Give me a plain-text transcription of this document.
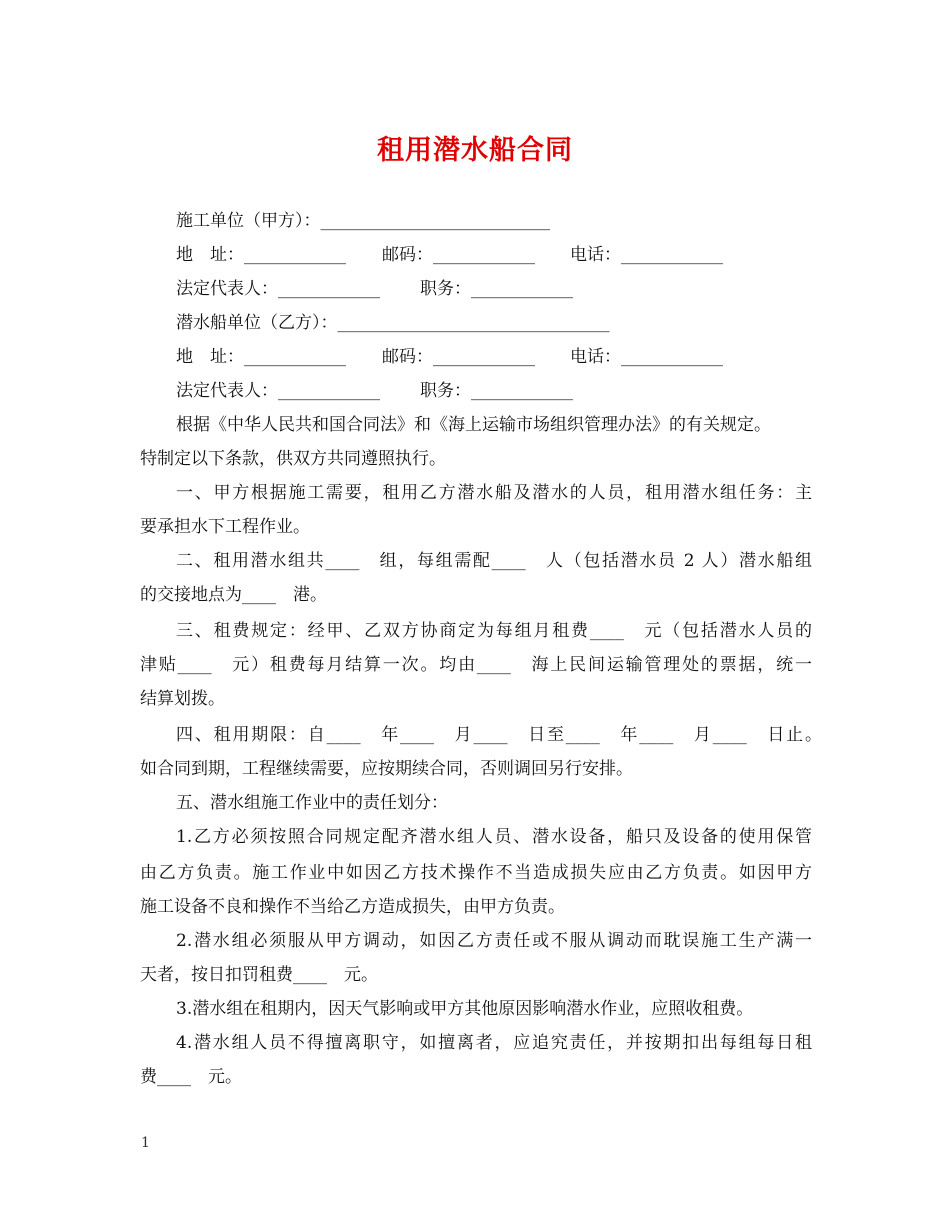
租用潜水船合同
施工单位（甲方）：___________________________
地　址：____________ 邮码：____________ 电话：____________
法定代表人：____________ 职务：____________
潜水船单位（乙方）：________________________________
地　址：____________ 邮码：____________ 电话：____________
法定代表人：____________ 职务：____________
根据《中华人民共和国合同法》和《海上运输市场组织管理办法》的有关规定。
特制定以下条款，供双方共同遵照执行。
一、甲方根据施工需要，租用乙方潜水船及潜水的人员，租用潜水组任务：主
要承担水下工程作业。
二、租用潜水组共____　组，每组需配____　人（包括潜水员 2 人）潜水船组
的交接地点为____　港。
三、租费规定：经甲、乙双方协商定为每组月租费____　元（包括潜水人员的
津贴____　元）租费每月结算一次。均由____　海上民间运输管理处的票据，统一
结算划拨。
四、租用期限：自____　年____　月____　日至____　年____　月____　日止。
如合同到期，工程继续需要，应按期续合同，否则调回另行安排。
五、潜水组施工作业中的责任划分：
1.乙方必须按照合同规定配齐潜水组人员、潜水设备，船只及设备的使用保管
由乙方负责。施工作业中如因乙方技术操作不当造成损失应由乙方负责。如因甲方
施工设备不良和操作不当给乙方造成损失，由甲方负责。
2.潜水组必须服从甲方调动，如因乙方责任或不服从调动而耽误施工生产满一
天者，按日扣罚租费____　元。
3.潜水组在租期内，因天气影响或甲方其他原因影响潜水作业，应照收租费。
4.潜水组人员不得擅离职守，如擅离者，应追究责任，并按期扣出每组每日租
费____　元。
1
